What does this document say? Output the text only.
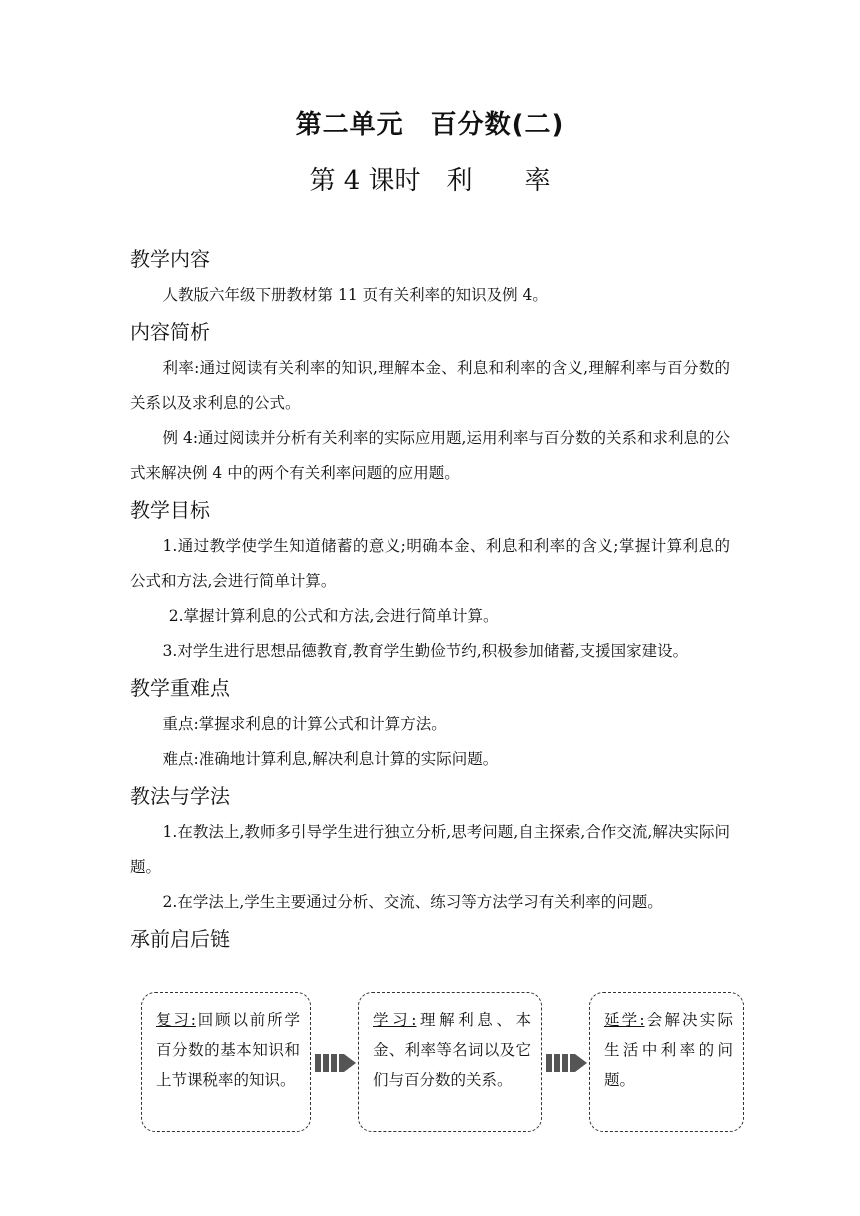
第二单元　百分数(二)
第 4 课时　利　　率
教学内容

人教版六年级下册教材第 11 页有关利率的知识及例 4。

内容简析

利率:通过阅读有关利率的知识,理解本金、利息和利率的含义,理解利率与百分数的关系以及求利息的公式。

例 4:通过阅读并分析有关利率的实际应用题,运用利率与百分数的关系和求利息的公式来解决例 4 中的两个有关利率问题的应用题。

教学目标

1.通过教学使学生知道储蓄的意义;明确本金、利息和利率的含义;掌握计算利息的公式和方法,会进行简单计算。

2.掌握计算利息的公式和方法,会进行简单计算。

3.对学生进行思想品德教育,教育学生勤俭节约,积极参加储蓄,支援国家建设。

教学重难点

重点:掌握求利息的计算公式和计算方法。

难点:准确地计算利息,解决利息计算的实际问题。

教法与学法

1.在教法上,教师多引导学生进行独立分析,思考问题,自主探索,合作交流,解决实际问题。

2.在学法上,学生主要通过分析、交流、练习等方法学习有关利率的问题。

承前启后链
复习:回顾以前所学百分数的基本知识和上节课税率的知识。
学习:理解利息、本金、利率等名词以及它们与百分数的关系。
延学:会解决实际生活中利率的问题。
